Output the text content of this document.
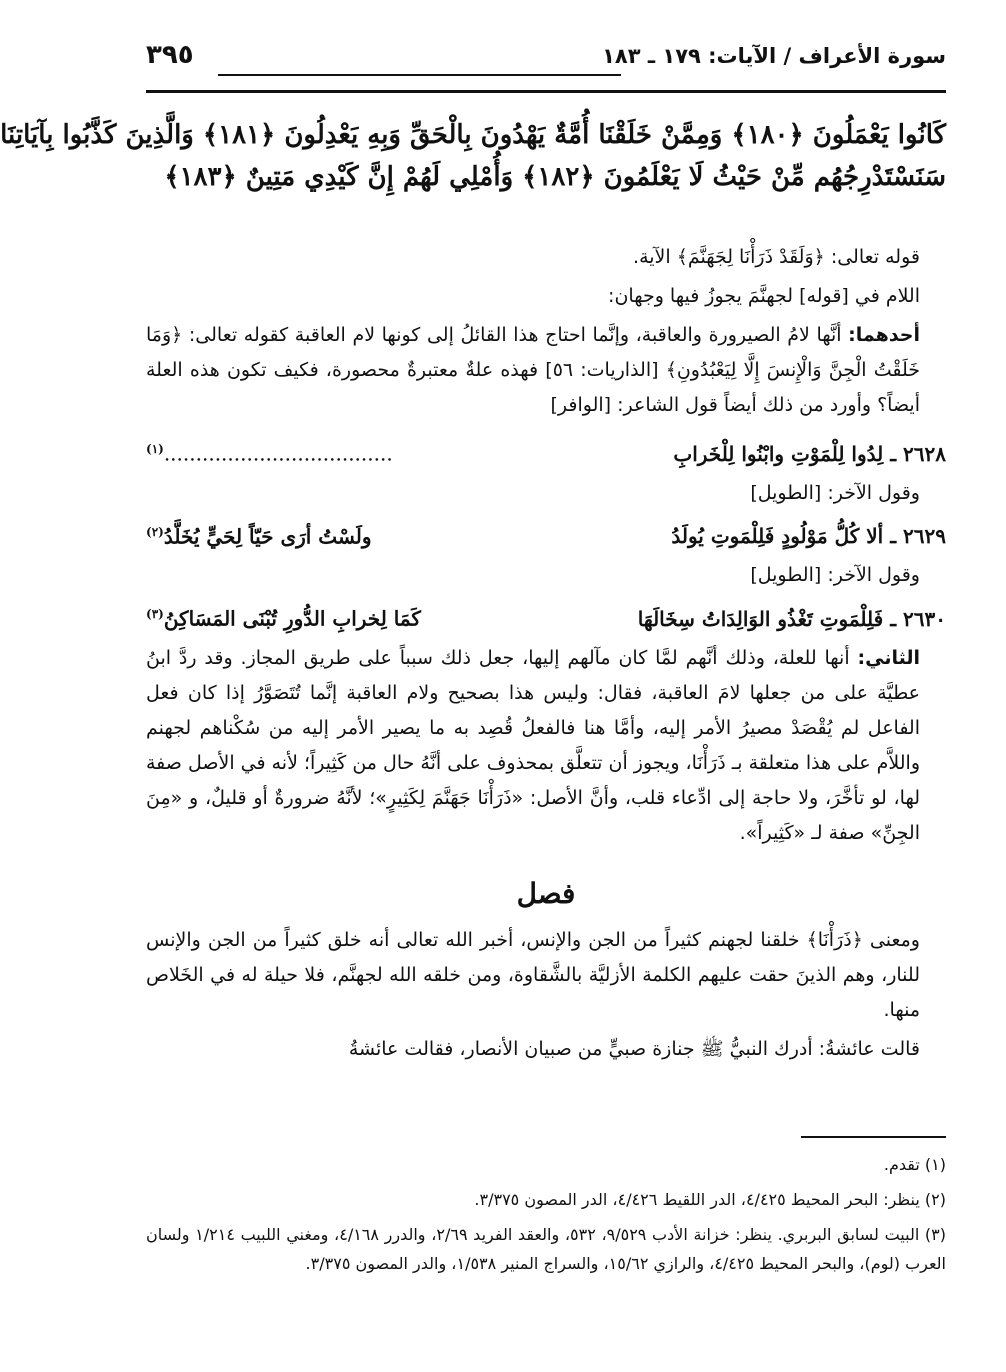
سورة الأعراف / الآيات: ١٧٩ ـ ١٨٣
٣٩٥
كَانُوا يَعْمَلُونَ ﴿١٨٠﴾ وَمِمَّنْ خَلَقْنَا أُمَّةٌ يَهْدُونَ بِالْحَقِّ وَبِهِ يَعْدِلُونَ ﴿١٨١﴾ وَالَّذِينَ كَذَّبُوا بِآيَاتِنَا
سَنَسْتَدْرِجُهُم مِّنْ حَيْثُ لَا يَعْلَمُونَ ﴿١٨٢﴾ وَأُمْلِي لَهُمْ إِنَّ كَيْدِي مَتِينٌ ﴿١٨٣﴾

قوله تعالى: ﴿وَلَقَدْ ذَرَأْنَا لِجَهَنَّمَ﴾ الآية.

اللام في [قوله] لجهنَّمَ يجوزُ فيها وجهان:

أحدهما: أنَّها لامُ الصيرورة والعاقبة، وإنَّما احتاج هذا القائلُ إلى كونها لام العاقبة كقوله تعالى: ﴿وَمَا خَلَقْتُ الْجِنَّ وَالْإِنسَ إِلَّا لِيَعْبُدُونِ﴾ [الذاريات: ٥٦] فهذه علةٌ معتبرةٌ محصورة، فكيف تكون هذه العلة أيضاً؟ وأورد من ذلك أيضاً قول الشاعر: [الوافر]

٢٦٢٨ ـ لِدُوا لِلْمَوْتِ وابْنُوا لِلْخَرابِ
....................................$^{(١)}$
وقول الآخر: [الطويل]
٢٦٢٩ ـ ألا كُلُّ مَوْلُودٍ فَلِلْمَوتِ يُولَدُ
ولَسْتُ أرَى حَيّاً لِحَيٍّ يُخَلَّدُ$^{(٢)}$
وقول الآخر: [الطويل]
٢٦٣٠ ـ فَلِلْمَوتِ تَغْذُو الوَالِدَاتُ سِخَالَهَا
كَمَا لِخرابِ الدُّورِ تُبْنَى المَسَاكِنُ$^{(٣)}$

الثاني: أنها للعلة، وذلك أنَّهم لمَّا كان مآلهم إليها، جعل ذلك سبباً على طريق المجاز. وقد ردَّ ابنُ عطيَّة على من جعلها لامَ العاقبة، فقال: وليس هذا بصحيح ولام العاقبة إنَّما تُتَصَوَّرُ إذا كان فعل الفاعل لم يُقْصَدْ مصيرُ الأمر إليه، وأمَّا هنا فالفعلُ قُصِد به ما يصير الأمر إليه من سُكْناهم لجهنم واللاَّم على هذا متعلقة بـ ذَرَأْنَا، ويجوز أن تتعلَّق بمحذوف على أنَّهُ حال من كَثِيراً؛ لأنه في الأصل صفة لها، لو تأخَّرَ، ولا حاجة إلى ادِّعاء قلب، وأنَّ الأصل: «ذَرَأْنَا جَهَنَّمَ لِكَثِيرٍ»؛ لأنَّهُ ضرورةٌ أو قليلٌ، و «مِنَ الجِنِّ» صفة لـ «كَثِيراً».

فصل

ومعنى ﴿ذَرَأْنَا﴾ خلقنا لجهنم كثيراً من الجن والإنس، أخبر الله تعالى أنه خلق كثيراً من الجن والإنس للنار، وهم الذينَ حقت عليهم الكلمة الأزليَّة بالشَّقاوة، ومن خلقه الله لجهنَّم، فلا حيلة له في الخَلاص منها.

قالت عائشةُ: أدرك النبيُّ ﷺ جنازة صبيٍّ من صبيان الأنصار، فقالت عائشةُ

(١) تقدم.

(٢) ينظر: البحر المحيط ٤/٤٢٥، الدر اللقيط ٤/٤٢٦، الدر المصون ٣/٣٧٥.

(٣) البيت لسابق البربري. ينظر: خزانة الأدب ٩/٥٢٩، ٥٣٢، والعقد الفريد ٢/٦٩، والدرر ٤/١٦٨، ومغني اللبيب ١/٢١٤ ولسان العرب (لوم)، والبحر المحيط ٤/٤٢٥، والرازي ١٥/٦٢، والسراج المنير ١/٥٣٨، والدر المصون ٣/٣٧٥.
